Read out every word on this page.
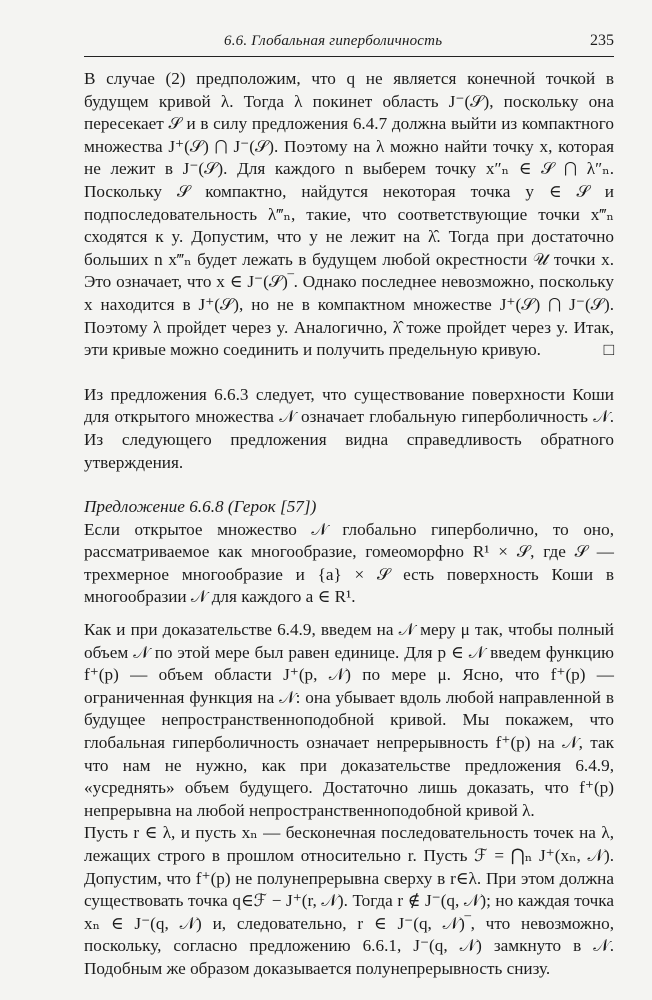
6.6. Глобальная гиперболичность	235

В случае (2) предположим, что q не является конечной точкой в будущем кривой λ. Тогда λ покинет область J⁻(𝒮), поскольку она пересекает 𝒮 и в силу предложения 6.4.7 должна выйти из компактного множества J⁺(𝒮) ⋂ J⁻(𝒮). Поэтому на λ можно найти точку x, которая не лежит в J⁻(𝒮). Для каждого n выберем точку x″ₙ ∈ 𝒮 ⋂ λ″ₙ. Поскольку 𝒮 компактно, найдутся некоторая точка y ∈ 𝒮 и подпоследовательность λ‴ₙ, такие, что соответствующие точки x‴ₙ сходятся к y. Допустим, что y не лежит на λ̂. Тогда при достаточно больших n x‴ₙ будет лежать в будущем любой окрестности 𝒰 точки x. Это означает, что x ∈ J⁻(𝒮)‾. Однако последнее невозможно, поскольку x находится в J⁺(𝒮), но не в компактном множестве J⁺(𝒮) ⋂ J⁻(𝒮). Поэтому λ пройдет через y. Аналогично, λ̂ тоже пройдет через y. Итак, эти кривые можно соединить и получить предельную кривую.	□

Из предложения 6.6.3 следует, что существование поверхности Коши для открытого множества 𝒩 означает глобальную гиперболичность 𝒩. Из следующего предложения видна справедливость обратного утверждения.

Предложение 6.6.8 (Герок [57])

Если открытое множество 𝒩 глобально гиперболично, то оно, рассматриваемое как многообразие, гомеоморфно R¹ × 𝒮, где 𝒮 — трехмерное многообразие и {a} × 𝒮 есть поверхность Коши в многообразии 𝒩 для каждого a ∈ R¹.

Как и при доказательстве 6.4.9, введем на 𝒩 меру μ так, чтобы полный объем 𝒩 по этой мере был равен единице. Для p ∈ 𝒩 введем функцию f⁺(p) — объем области J⁺(p, 𝒩) по мере μ. Ясно, что f⁺(p) — ограниченная функция на 𝒩: она убывает вдоль любой направленной в будущее непространственноподобной кривой. Мы покажем, что глобальная гиперболичность означает непрерывность f⁺(p) на 𝒩, так что нам не нужно, как при доказательстве предложения 6.4.9, «усреднять» объем будущего. Достаточно лишь доказать, что f⁺(p) непрерывна на любой непространственноподобной кривой λ.

Пусть r ∈ λ, и пусть xₙ — бесконечная последовательность точек на λ, лежащих строго в прошлом относительно r. Пусть ℱ = ⋂ₙ J⁺(xₙ, 𝒩). Допустим, что f⁺(p) не полунепрерывна сверху в r∈λ. При этом должна существовать точка q∈ℱ − J⁺(r, 𝒩). Тогда r ∉ J⁻(q, 𝒩); но каждая точка xₙ ∈ J⁻(q, 𝒩) и, следовательно, r ∈ J⁻(q, 𝒩)‾, что невозможно, поскольку, согласно предложению 6.6.1, J⁻(q, 𝒩) замкнуто в 𝒩. Подобным же образом доказывается полунепрерывность снизу.
